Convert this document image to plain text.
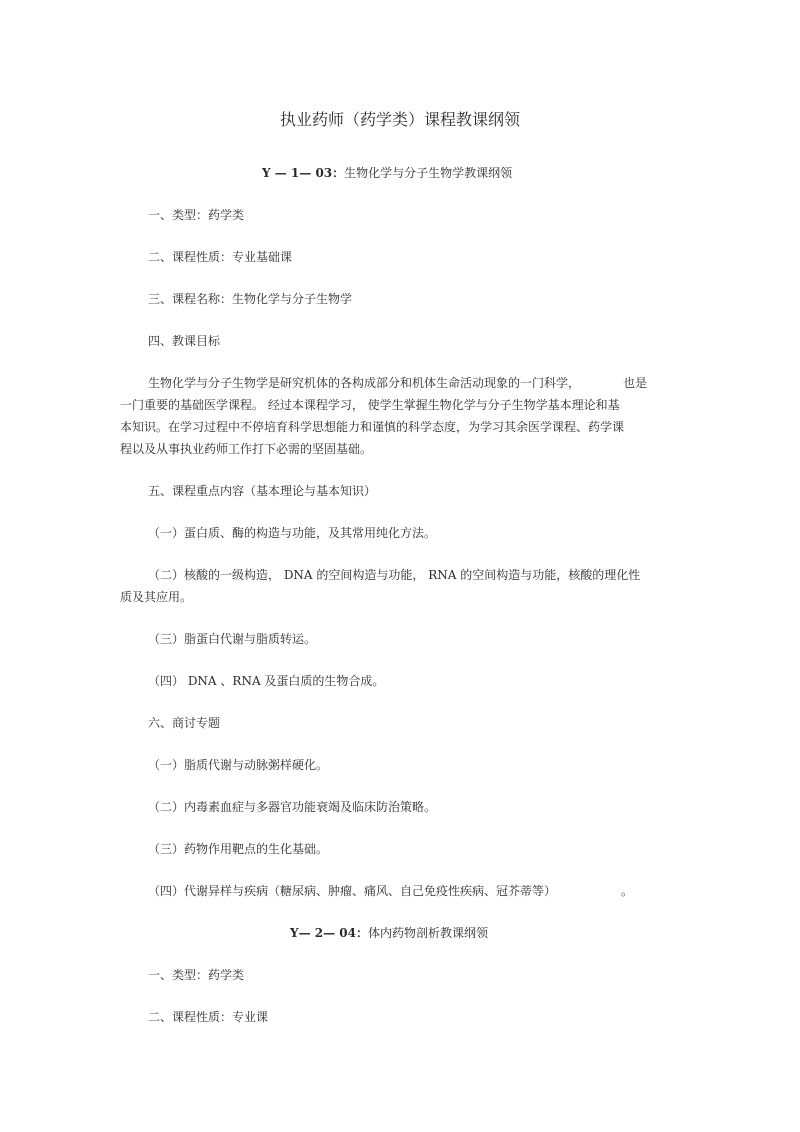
执业药师（药学类）课程教课纲领
Y — 1— 03：生物化学与分子生物学教课纲领
一、类型：药学类
二、课程性质：专业基础课
三、课程名称：生物化学与分子生物学
四、教课目标
生物化学与分子生物学是研究机体的各构成部分和机体生命活动现象的一门科学，	也是
一门重要的基础医学课程。 经过本课程学习， 使学生掌握生物化学与分子生物学基本理论和基
本知识。在学习过程中不停培育科学思想能力和谨慎的科学态度，为学习其余医学课程、药学课
程以及从事执业药师工作打下必需的坚固基础。
五、课程重点内容（基本理论与基本知识）
（一）蛋白质、酶的构造与功能，及其常用纯化方法。
（二）核酸的一级构造， DNA 的空间构造与功能， RNA 的空间构造与功能，核酸的理化性
质及其应用。
（三）脂蛋白代谢与脂质转运。
（四） DNA 、RNA 及蛋白质的生物合成。
六、商讨专题
（一）脂质代谢与动脉粥样硬化。
（二）内毒素血症与多器官功能衰竭及临床防治策略。
（三）药物作用靶点的生化基础。
（四）代谢异样与疾病（糖尿病、肿瘤、痛风、自己免疫性疾病、冠芥蒂等）	。
Y— 2— 04：体内药物剖析教课纲领
一、类型：药学类
二、课程性质：专业课
